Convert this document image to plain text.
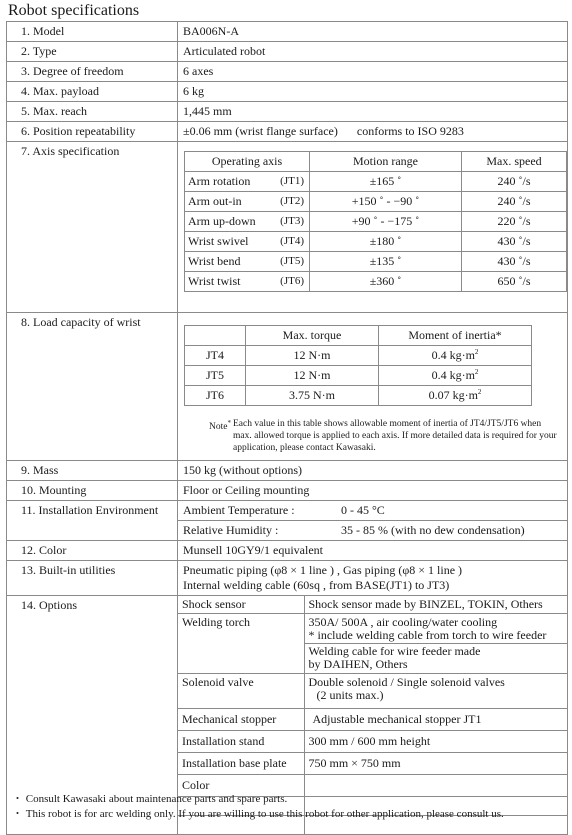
Robot specifications
1. Model	BA006N-A
2. Type	Articulated robot
3. Degree of freedom	6 axes
4. Max. payload	6 kg
5. Max. reach	1,445 mm
6. Position repeatability	±0.06 mm (wrist flange surface) conforms to ISO 9283
7. Axis specification	
Operating axis	Motion range	Max. speed
Arm rotation	(JT1)	±165 ˚	240 ˚/s
Arm out-in	(JT2)	+150 ˚ - −90 ˚	240 ˚/s
Arm up-down (JT3)	+90 ˚ - −175 ˚	220 ˚/s
Wrist swivel	(JT4)	±180 ˚	430 ˚/s
Wrist bend	(JT5)	±135 ˚	430 ˚/s
Wrist twist	(JT6)	±360 ˚	650 ˚/s

8. Load capacity of wrist	
	Max. torque	Moment of inertia*
JT4	12 N·m	0.4 $kg\cdot m^2$
JT5	12 N·m	0.4 $kg\cdot m^2$
JT6	3.75 N·m	0.07 $kg\cdot m^2$
Note* Each value in this table shows allowable moment of inertia of JT4/JT5/JT6 when max. allowed torque is applied to each axis. If more detailed data is required for your application, please contact Kawasaki.

9. Mass	150 kg (without options)
10. Mounting	Floor or Ceiling mounting
11. Installation Environment	Ambient Temperature :	0 - 45 °C
Relative Humidity :	35 - 85 % (with no dew condensation)

12. Color	Munsell 10GY9/1 equivalent
13. Built-in utilities	Pneumatic piping (φ8 × 1 line ) , Gas piping (φ8 × 1 line )
Internal welding cable (60sq , from BASE(JT1) to JT3)

14. Options		Shock sensor	Shock sensor made by BINZEL, TOKIN, Others
Welding torch	350A/ 500A , air cooling/water cooling
* include welding cable from torch to wire feeder
Welding cable for wire feeder made
by DAIHEN, Others

Solenoid valve	Double solenoid / Single solenoid valves
(2 units max.)

Mechanical stopper	Adjustable mechanical stopper JT1
Installation stand	300 mm / 600 mm height
Installation base plate	750 mm × 750 mm
Color	

・ Consult Kawasaki about maintenance parts and spare parts.
・ This robot is for arc welding only. If you are willing to use this robot for other application, please consult us.
